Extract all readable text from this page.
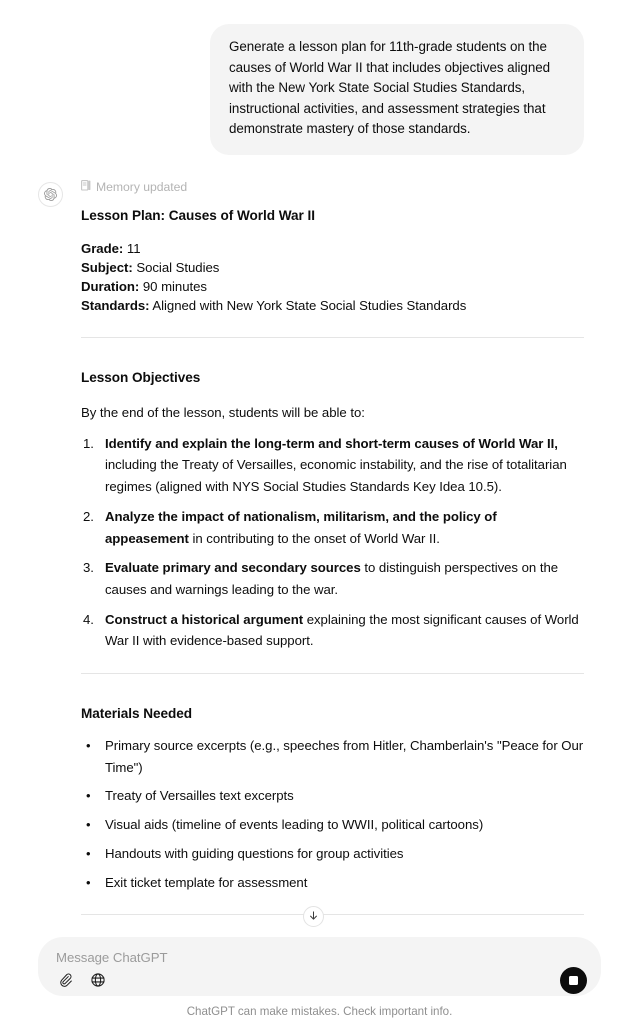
Generate a lesson plan for 11th-grade students on the causes of World War II that includes objectives aligned with the New York State Social Studies Standards, instructional activities, and assessment strategies that demonstrate mastery of those standards.
Memory updated
Lesson Plan: Causes of World War II
Grade: 11
Subject: Social Studies
Duration: 90 minutes
Standards: Aligned with New York State Social Studies Standards
Lesson Objectives
By the end of the lesson, students will be able to:
1. Identify and explain the long-term and short-term causes of World War II, including the Treaty of Versailles, economic instability, and the rise of totalitarian regimes (aligned with NYS Social Studies Standards Key Idea 10.5).
2. Analyze the impact of nationalism, militarism, and the policy of appeasement in contributing to the onset of World War II.
3. Evaluate primary and secondary sources to distinguish perspectives on the causes and warnings leading to the war.
4. Construct a historical argument explaining the most significant causes of World War II with evidence-based support.
Materials Needed
• Primary source excerpts (e.g., speeches from Hitler, Chamberlain's "Peace for Our Time")
• Treaty of Versailles text excerpts
• Visual aids (timeline of events leading to WWII, political cartoons)
• Handouts with guiding questions for group activities
• Exit ticket template for assessment
Message ChatGPT
ChatGPT can make mistakes. Check important info.
